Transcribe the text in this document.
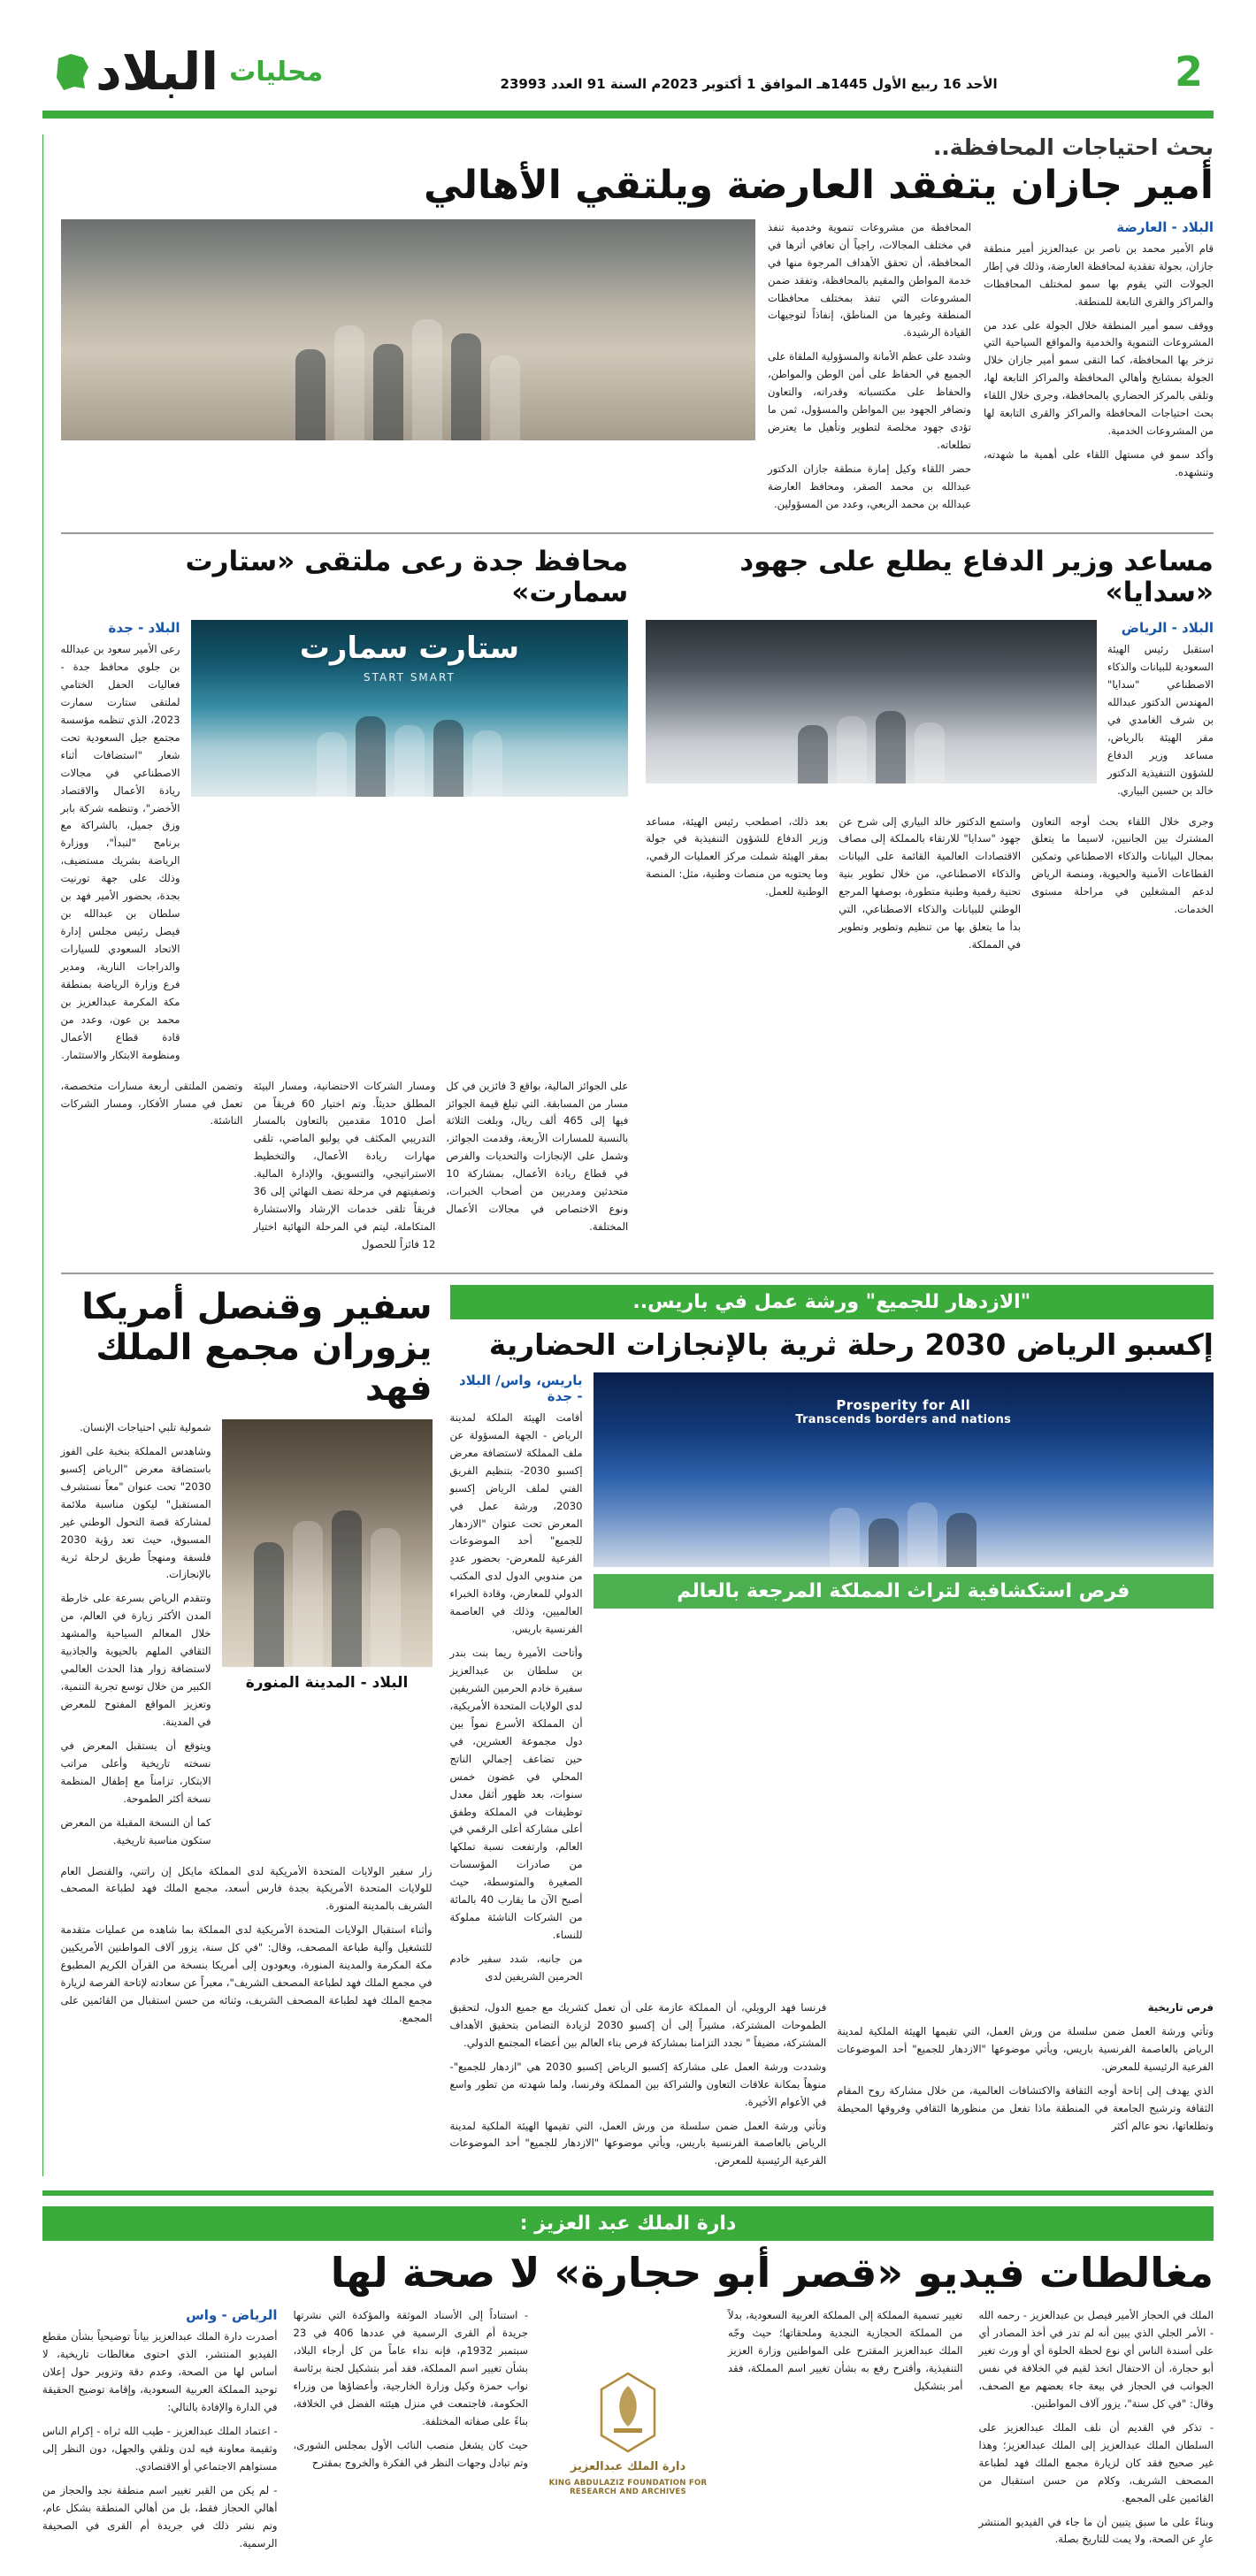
2
الأحد 16 ربيع الأول 1445هـ الموافق 1 أكتوبر 2023م السنة 91 العدد 23993
محليات
البلاد
بحث احتياجات المحافظة..
أمير جازان يتفقد العارضة ويلتقي الأهالي
البلاد - العارضة

قام الأمير محمد بن ناصر بن عبدالعزيز أمير منطقة جازان، بجولة تفقدية لمحافظة العارضة، وذلك في إطار الجولات التي يقوم بها سمو لمختلف المحافظات والمراكز والقرى التابعة للمنطقة.

ووقف سمو أمير المنطقة خلال الجولة على عدد من المشروعات التنموية والخدمية والمواقع السياحية التي تزخر بها المحافظة، كما التقى سمو أمير جازان خلال الجولة بمشايخ وأهالي المحافظة والمراكز التابعة لها، وتلقى بالمركز الحضاري بالمحافظة، وجرى خلال اللقاء بحث احتياجات المحافظة والمراكز والقرى التابعة لها من المشروعات الخدمية.

وأكد سمو في مستهل اللقاء على أهمية ما شهدته، وتنشهده.

المحافظة من مشروعات تنموية وخدمية تنفذ في مختلف المجالات، راجياً أن تعافي أثرها في المحافظة، أن تحقق الأهداف المرجوة منها في خدمة المواطن والمقيم بالمحافظة، وتفقد ضمن المشروعات التي تنفذ بمختلف محافظات المنطقة وغيرها من المناطق، إنفاذاً لتوجيهات القيادة الرشيدة.

وشدد على عظم الأمانة والمسؤولية الملقاة على الجميع في الحفاظ على أمن الوطن والمواطن، والحفاظ على مكتسباته وقدراته، والتعاون وتضافر الجهود بين المواطن والمسؤول، ثمن ما تؤدى جهود مخلصة لتطوير وتأهيل ما يعترض تطلعاته.

حضر اللقاء وكيل إمارة منطقة جازان الدكتور عبدالله بن محمد الصقر، ومحافظ العارضة عبدالله بن محمد الربعي، وعدد من المسؤولين.

مساعد وزير الدفاع يطلع على جهود «سدايا»
البلاد - الرياض

استقبل رئيس الهيئة السعودية للبيانات والذكاء الاصطناعي "سدايا" المهندس الدكتور عبدالله بن شرف الغامدي في مقر الهيئة بالرياض، مساعد وزير الدفاع للشؤون التنفيذية الدكتور خالد بن حسين البياري.

وجرى خلال اللقاء بحث أوجه التعاون المشترك بين الجانبين، لاسيما ما يتعلق بمجال البيانات والذكاء الاصطناعي وتمكين القطاعات الأمنية والحيوية، ومنصة الرياض لدعم المشغلين في مراحلة مستوى الخدمات.

واستمع الدكتور خالد البياري إلى شرح عن جهود "سدايا" للارتقاء بالمملكة إلى مصاف الاقتصادات العالمية القائمة على البيانات والذكاء الاصطناعي، من خلال تطوير بنية تحتية رقمية وطنية متطورة، بوصفها المرجع الوطني للبيانات والذكاء الاصطناعي، التي بدأ ما يتعلق بها من تنظيم وتطوير وتطوير في المملكة.

بعد ذلك، اصطحب رئيس الهيئة، مساعد وزير الدفاع للشؤون التنفيذية في جولة بمقر الهيئة شملت مركز العمليات الرقمي، وما يحتويه من منصات وطنية، مثل: المنصة الوطنية للعمل.

محافظ جدة رعى ملتقى «ستارت سمارت»
ستارت سمارت
START SMART
البلاد - جدة

رعى الأمير سعود بن عبدالله بن جلوي محافظ جدة - فعاليات الحفل الختامي لملتقى ستارت سمارت 2023، الذي تنظمه مؤسسة مجتمع جيل السعودية تحت شعار "استضافات أثناء الاصطناعي في مجالات ريادة الأعمال والاقتصاد الأخضر"، وتنظمه شركة بابر وزق جميل، بالشراكة مع برنامج "لنبدأ"، ووزارة الرياضة بشريك مستضيف، وذلك على جهة تورنيت بجدة، بحضور الأمير فهد بن سلطان بن عبدالله بن فيصل رئيس مجلس إدارة الاتحاد السعودي للسيارات والدراجات النارية، ومدير فرع وزارة الرياضة بمنطقة مكة المكرمة عبدالعزيز بن محمد بن عون، وعدد من قادة قطاع الأعمال ومنظومة الابتكار والاستثمار.

على الجوائز المالية، بواقع 3 فائزين في كل مسار من المسابقة. التي تبلغ قيمة الجوائز فيها إلى 465 ألف ريال، وبلغت الثلاثة بالنسبة للمسارات الأربعة، وقدمت الجوائز، وشمل على الإنجازات والتحديات والفرص في قطاع ريادة الأعمال، بمشاركة 10 متحدثين ومدربين من أصحاب الخبرات، ونوع الاختصاص في مجالات الأعمال المختلفة.

ومسار الشركات الاحتضانية، ومسار البيئة المطلق حديثاً. وتم اختيار 60 فريقاً من أصل 1010 مقدمين بالتعاون بالمسار التدريبي المكثف في يوليو الماضي، تلقى مهارات ريادة الأعمال، والتخطيط الاستراتيجي، والتسويق، والإدارة المالية. وتصفيتهم في مرحلة نصف النهائي إلى 36 فريقاً تلقى خدمات الإرشاد والاستشارة المتكاملة، ليتم في المرحلة النهائية اختيار 12 فائزاً للحصول

وتضمن الملتقى أربعة مسارات متخصصة، تعمل في مسار الأفكار، ومسار الشركات الناشئة.

"الازدهار للجميع" ورشة عمل في باريس..
إكسبو الرياض 2030 رحلة ثرية بالإنجازات الحضارية
Prosperity for All
Transcends borders and nations
فرص استكشافية لتراث المملكة المرجعة بالعالم
باريس، واس/ البلاد - جدة

أقامت الهيئة الملكة لمدينة الرياض - الجهة المسؤولة عن ملف المملكة لاستضافة معرض إكسبو 2030- بتنظيم الفريق الفني لملف الرياض إكسبو 2030، ورشة عمل في المعرض تحت عنوان "الازدهار للجميع" أحد الموضوعات الفرعية للمعرض- بحضور عددٍ من مندوبي الدول لدى المكتب الدولي للمعارض، وقادة الخبراء العالميين، وذلك في العاصمة الفرنسية باريس.

وأتاحت الأميرة ريما بنت بندر بن سلطان بن عبدالعزيز سفيرة خادم الحرمين الشريفين لدى الولايات المتحدة الأمريكية، أن المملكة الأسرع نمواً بين دول مجموعة العشرين، في حين تضاعف إجمالي الناتج المحلي في غضون خمس سنوات، بعد ظهور أثقل معدل توظيفات في المملكة وطفق أعلى مشاركة أعلى الرقمي في العالم، وارتفعت نسبة تملكها من صادرات المؤسسات الصغيرة والمتوسطة، حيث أصبح الآن ما يقارب 40 بالمائة من الشركات الناشئة مملوكة للنساء.

من جانبه، شدد سفير خادم الحرمين الشريفين لدى

فرص تاريخية

وتأتي ورشة العمل ضمن سلسلة من ورش العمل، التي تقيمها الهيئة الملكية لمدينة الرياض بالعاصمة الفرنسية باريس، ويأتي موضوعها "الازدهار للجميع" أحد الموضوعات الفرعية الرئيسية للمعرض.

الذي يهدف إلى إتاحة أوجه الثقافة والاكتشافات العالمية، من خلال مشاركة روح المقام الثقافة وترشيح الجامعة في المنطقة ماذا تفعل من منظورها الثقافي وفروقها المحيطة وتطلعاتها، نحو عالم أكثر

فرنسا فهد الرويلي، أن المملكة عازمة على أن تعمل كشريك مع جميع الدول، لتحقيق الطموحات المشتركة، مشيراً إلى أن إكسبو 2030 لزيادة التضامن بتحقيق الأهداف المشتركة، مضيفاً " نجدد التزامنا بمشاركة فرص بناء العالم بين أعضاء المجتمع الدولي.

وشددت ورشة العمل على مشاركة إكسبو الرياض إكسبو 2030 هي "ازدهار للجميع"- منوهاً بمكانة علاقات التعاون والشراكة بين المملكة وفرنسا، ولما شهدته من تطور واسع في الأعوام الأخيرة.

وتأتي ورشة العمل ضمن سلسلة من ورش العمل، التي تقيمها الهيئة الملكية لمدينة الرياض بالعاصمة الفرنسية باريس، ويأتي موضوعها "الازدهار للجميع" أحد الموضوعات الفرعية الرئيسية للمعرض.

سفير وقنصل أمريكا يزوران مجمع الملك فهد
البلاد - المدينة المنورة

شمولية تلبي احتياجات الإنسان.

وشاهدس المملكة بنخبة على الفوز باستضافة معرض "الرياض إكسبو 2030" تحت عنوان "معاً نستشرف المستقبل" ليكون مناسبة ملائمة لمشاركة قصة التحول الوطني غير المسبوق، حيث تعد رؤية 2030 فلسفة ومنهجاً طريق لرحلة ثرية بالإنجازات.

وتتقدم الرياض بسرعة على خارطة المدن الأكثر زيارة في العالم، من خلال المعالم السياحية والمشهد الثقافي الملهم بالحيوية والجاذبية لاستضافة زوار هذا الحدث العالمي الكبير من خلال توسع تجربة التنمية، وتعزيز المواقع المفتوح للمعرض في المدينة.

ويتوقع أن يستقبل المعرض في نسخته تاريخية وأعلى مراتب الابتكار، تزامناً مع إطفال المنظمة نسخة أكثر الطموحة.

كما أن النسخة المقبلة من المعرض ستكون مناسبة تاريخية.

زار سفير الولايات المتحدة الأمريكية لدى المملكة مايكل إن راتني، والقنصل العام للولايات المتحدة الأمريكية بجدة فارس أسعد، مجمع الملك فهد لطباعة المصحف الشريف بالمدينة المنورة.

وأثناء استقبال الولايات المتحدة الأمريكية لدى المملكة بما شاهده من عمليات متقدمة للتشغيل وآلية طباعة المصحف، وقال: "في كل سنة، يزور آلاف المواطنين الأمريكيين مكة المكرمة والمدينة المنورة، ويعودون إلى أمريكا بنسخة من القرآن الكريم المطبوع في مجمع الملك فهد لطباعة المصحف الشريف"، معبراً عن سعادته لإتاحة الفرصة لزيارة مجمع الملك فهد لطباعة المصحف الشريف، وثنائه من حسن استقبال من القائمين على المجمع.

دارة الملك عبد العزيز :
مغالطات فيديو «قصر أبو حجارة» لا صحة لها

الملك في الحجاز الأمير فيصل بن عبدالعزيز - رحمه الله - الأمر الجلي الذي يبين أنه لم تدر في أخذ المصادر أي على أسندة الناس أي نوع لحظة الحلوة أي أو ورث تغير أبو حجارة، أن الاحتفال اتخذ لقيم في الخلافة في نفس الجوانب في الحجاز في بيعة جاء بعضهم مع الصحف، وقال: "في كل سنة"، يزور آلاف المواطنين.

- تذكر في القديم أن نلف الملك عبدالعزيز على السلطان الملك عبدالعزيز إلى الملك عبدالعزيز؛ وهذا غير صحيح فقد كان لزيارة مجمع الملك فهد لطباعة المصحف الشريف، وكلام من حسن استقبال من القائمين على المجمع.

وبناءً على ما سبق يتبين أن ما جاء في الفيديو المنتشر عارٍ عن الصحة، ولا يمت للتاريخ بصلة.

تغيير تسمية المملكة إلى المملكة العربية السعودية، بدلاً من المملكة الحجازية النجدية وملحقاتها؛ حيث وجّه الملك عبدالعزيز المقترح على المواطنين وزارة العزيز التنفيذية، وأقترح رفع به بشأن تغيير اسم المملكة، فقد أمر بتشكيل

دارة الملك عبدالعزيز
KING ABDULAZIZ FOUNDATION FOR RESEARCH AND ARCHIVES

- استناداً إلى الأسناد الموثقة والمؤكدة التي نشرتها جريدة أم القرى الرسمية في عددها 406 في 23 سبتمبر 1932م، فإنه نداء عاماً من كل أرجاء البلاد، بشأن تغيير اسم المملكة، فقد أمر بتشكيل لجنة برئاسة نواب حمزة وكيل وزارة الخارجية، وأعضاؤها من وزراء الحكومة، فاجتمعت في منزل هيئته الفضل في الخلافة، بناءً على صفاته المختلفة.

حيث كان يشغل منصب النائب الأول بمجلس الشورى، وتم تبادل وجهات النظر في الفكرة والخروج بمقترح

الرياض - واس

أصدرت دارة الملك عبدالعزيز بياناً توضيحياً بشأن مقطع الفيديو المنتشر، الذي احتوى مغالطات تاريخية، لا أساس لها من الصحة، وعدم دقة وتزوير حول إعلان توحيد المملكة العربية السعودية، وإقامة توضيح الحقيقة في الدارة والإفادة بالتالي:

- اعتماد الملك عبدالعزيز - طيب الله ثراه - إكرام الناس وثقيمة معاونة فيه لدن وتلقي والجهل، دون النظر إلى مستواهم الاجتماعي أو الاقتصادي.

- لم يكن من القبر تغيير اسم منطقة نجد والحجاز من أهالي الحجاز فقط، بل من أهالي المنطقة بشكل عام، وتم نشر ذلك في جريدة أم القرى في الصحيفة الرسمية.
